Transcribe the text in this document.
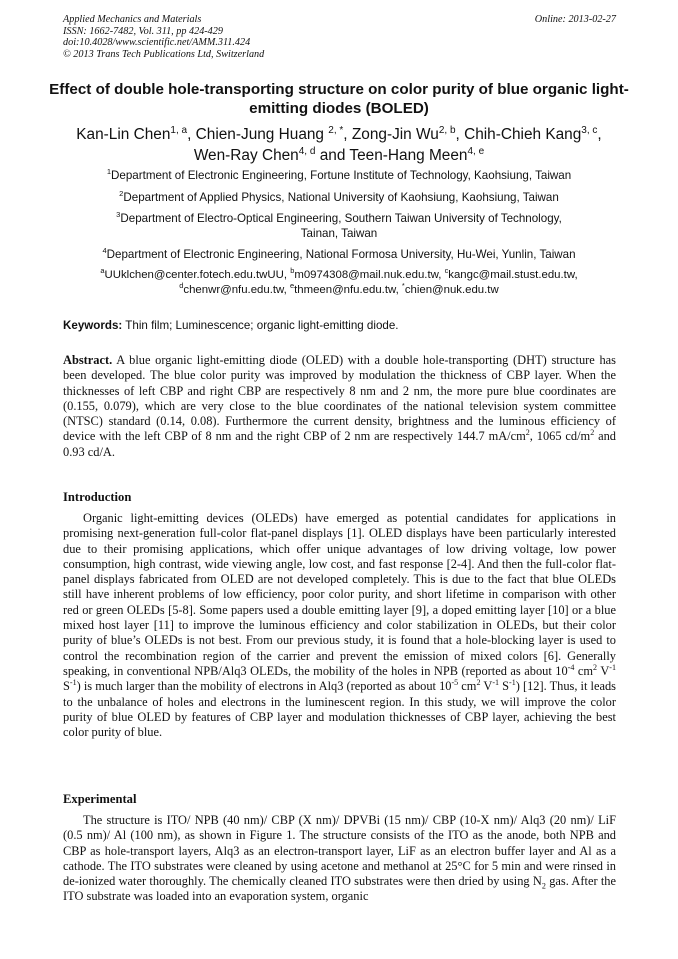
Applied Mechanics and Materials
ISSN: 1662-7482, Vol. 311, pp 424-429
doi:10.4028/www.scientific.net/AMM.311.424
© 2013 Trans Tech Publications Ltd, Switzerland
Online: 2013-02-27
Effect of double hole-transporting structure on color purity of blue organic light-emitting diodes (BOLED)
Kan-Lin Chen$^{1, a}$, Chien-Jung Huang $^{2, *}$, Zong-Jin Wu$^{2, b}$, Chih-Chieh Kang$^{3, c}$,
Wen-Ray Chen$^{4, d}$ and Teen-Hang Meen$^{4, e}$
$^1$Department of Electronic Engineering, Fortune Institute of Technology, Kaohsiung, Taiwan
$^2$Department of Applied Physics, National University of Kaohsiung, Kaohsiung, Taiwan
$^3$Department of Electro-Optical Engineering, Southern Taiwan University of Technology,
Tainan, Taiwan
$^4$Department of Electronic Engineering, National Formosa University, Hu-Wei, Yunlin, Taiwan
$^a$UUklchen@center.fotech.edu.twUU, $^b$m0974308@mail.nuk.edu.tw, $^c$kangc@mail.stust.edu.tw,
$^d$chenwr@nfu.edu.tw, $^e$thmeen@nfu.edu.tw, *chien@nuk.edu.tw
Keywords: Thin film; Luminescence; organic light-emitting diode.
Abstract. A blue organic light-emitting diode (OLED) with a double hole-transporting (DHT) structure has been developed. The blue color purity was improved by modulation the thickness of CBP layer. When the thicknesses of left CBP and right CBP are respectively 8 nm and 2 nm, the more pure blue coordinates are (0.155, 0.079), which are very close to the blue coordinates of the national television system committee (NTSC) standard (0.14, 0.08). Furthermore the current density, brightness and the luminous efficiency of device with the left CBP of 8 nm and the right CBP of 2 nm are respectively 144.7 $mA/cm^2$, 1065 $cd/m^2$ and 0.93 cd/A.
Introduction
Organic light-emitting devices (OLEDs) have emerged as potential candidates for applications in promising next-generation full-color flat-panel displays [1]. OLED displays have been particularly interested due to their promising applications, which offer unique advantages of low driving voltage, low power consumption, high contrast, wide viewing angle, low cost, and fast response [2-4]. And then the full-color flat-panel displays fabricated from OLED are not developed completely. This is due to the fact that blue OLEDs still have inherent problems of low efficiency, poor color purity, and short lifetime in comparison with other red or green OLEDs [5-8]. Some papers used a double emitting layer [9], a doped emitting layer [10] or a blue mixed host layer [11] to improve the luminous efficiency and color stabilization in OLEDs, but their color purity of blue’s OLEDs is not best. From our previous study, it is found that a hole-blocking layer is used to control the recombination region of the carrier and prevent the emission of mixed colors [6]. Generally speaking, in conventional NPB/Alq3 OLEDs, the mobility of the holes in NPB (reported as about $10^{-4}$ $cm^2$ $V^{-1}$ $S^{-1}$) is much larger than the mobility of electrons in Alq3 (reported as about $10^{-5}$ $cm^2$ $V^{-1}$ $S^{-1}$) [12]. Thus, it leads to the unbalance of holes and electrons in the luminescent region. In this study, we will improve the color purity of blue OLED by features of CBP layer and modulation thicknesses of CBP layer, achieving the best color purity of blue.
Experimental
The structure is ITO/ NPB (40 nm)/ CBP (X nm)/ DPVBi (15 nm)/ CBP (10-X nm)/ Alq3 (20 nm)/ LiF (0.5 nm)/ Al (100 nm), as shown in Figure 1. The structure consists of the ITO as the anode, both NPB and CBP as hole-transport layers, Alq3 as an electron-transport layer, LiF as an electron buffer layer and Al as a cathode. The ITO substrates were cleaned by using acetone and methanol at 25°C for 5 min and were rinsed in de-ionized water thoroughly. The chemically cleaned ITO substrates were then dried by using $N_2$ gas. After the ITO substrate was loaded into an evaporation system, organic
